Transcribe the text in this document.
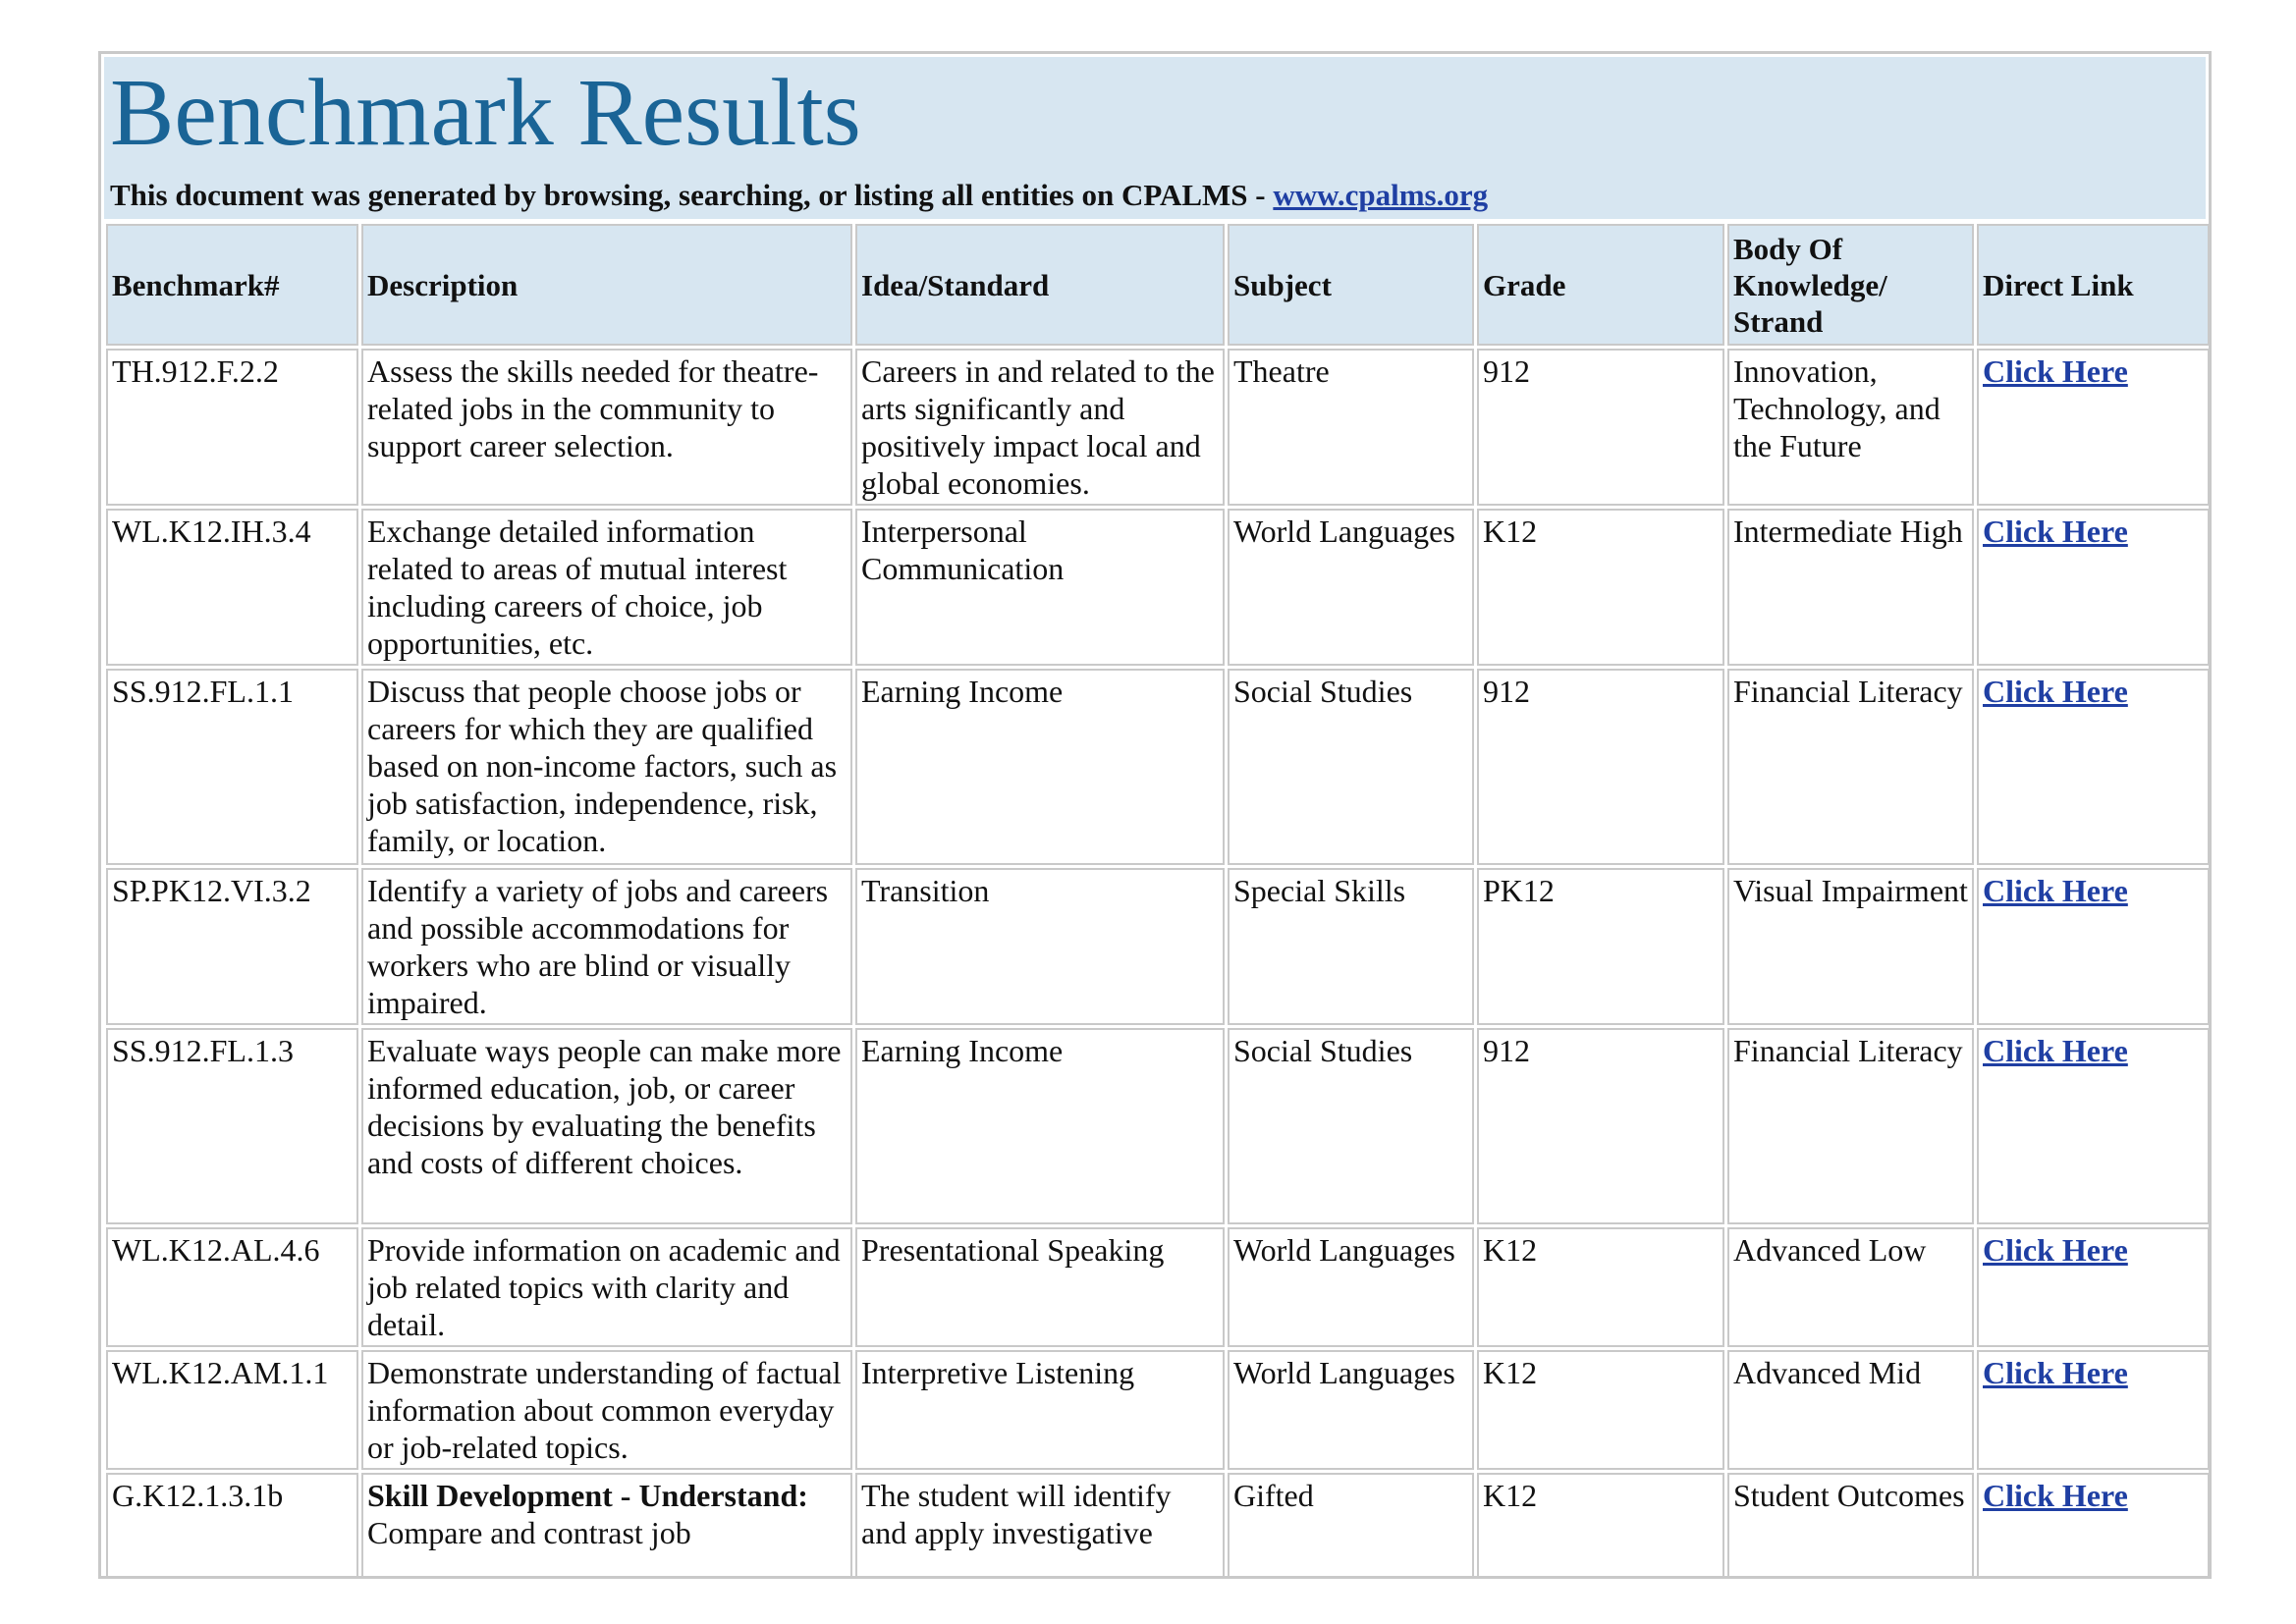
Benchmark Results
This document was generated by browsing, searching, or listing all entities on CPALMS - www.cpalms.org
Benchmark#	Description	Idea/Standard	Subject	Grade	Body Of Knowledge/ Strand	Direct Link
TH.912.F.2.2	Assess the skills needed for theatre-related jobs in the community to support career selection.	Careers in and related to the arts significantly and positively impact local and global economies.	Theatre	912	Innovation, Technology, and the Future	Click Here
WL.K12.IH.3.4	Exchange detailed information related to areas of mutual interest including careers of choice, job opportunities, etc.	Interpersonal Communication	World Languages	K12	Intermediate High	Click Here
SS.912.FL.1.1	Discuss that people choose jobs or careers for which they are qualified based on non-income factors, such as job satisfaction, independence, risk, family, or location.	Earning Income	Social Studies	912	Financial Literacy	Click Here
SP.PK12.VI.3.2	Identify a variety of jobs and careers and possible accommodations for workers who are blind or visually impaired.	Transition	Special Skills	PK12	Visual Impairment	Click Here
SS.912.FL.1.3	Evaluate ways people can make more informed education, job, or career decisions by evaluating the benefits and costs of different choices.	Earning Income	Social Studies	912	Financial Literacy	Click Here
WL.K12.AL.4.6	Provide information on academic and job related topics with clarity and detail.	Presentational Speaking	World Languages	K12	Advanced Low	Click Here
WL.K12.AM.1.1	Demonstrate understanding of factual information about common everyday or job-related topics.	Interpretive Listening	World Languages	K12	Advanced Mid	Click Here
G.K12.1.3.1b	Skill Development - Understand: Compare and contrast job	The student will identify and apply investigative	Gifted	K12	Student Outcomes	Click Here
